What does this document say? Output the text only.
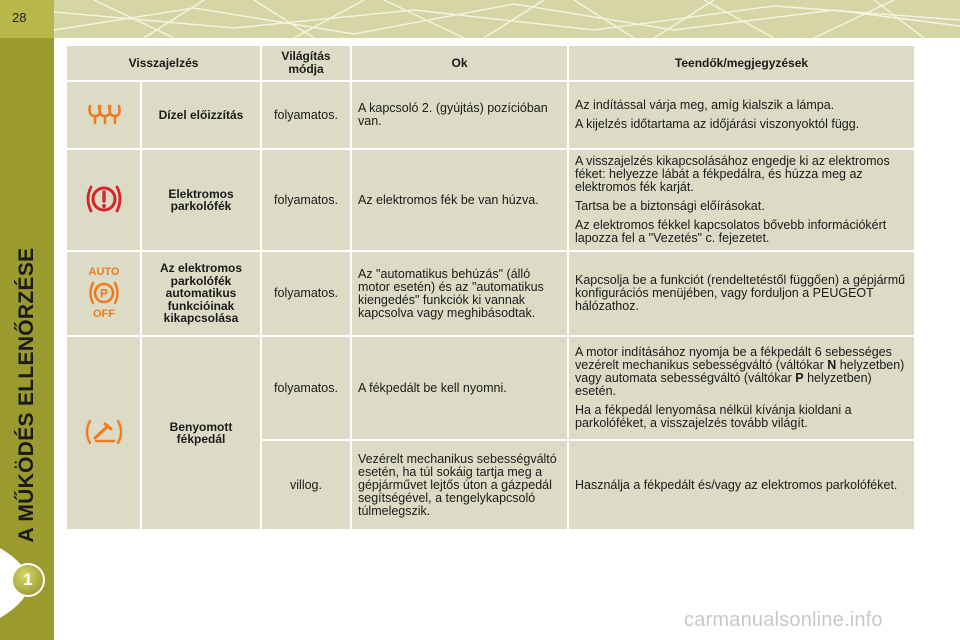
28
A MŰKÖDÉS ELLENŐRZÉSE
1
Visszajelzés		Világítás módja	Ok	Teendők/megjegyzések
	Dízel előizzítás	folyamatos.	A kapcsoló 2. (gyújtás) pozícióban van.	Az indítással várja meg, amíg kialszik a lámpa.

A kijelzés időtartama az időjárási viszonyoktól függ.

	Elektromos parkolófék	folyamatos.	Az elektromos fék be van húzva.	A visszajelzés kikapcsolásához engedje ki az elektromos féket: helyezze lábát a fékpedálra, és húzza meg az elektromos fék karját.

Tartsa be a biztonsági előírásokat.

Az elektromos fékkel kapcsolatos bővebb információkért lapozza fel a "Vezetés" c. fejezetet.

AUTO
P
OFF	Az elektromos parkolófék automatikus funkcióinak kikapcsolása	folyamatos.	Az "automatikus behúzás" (álló motor esetén) és az "automatikus kiengedés" funkciók ki vannak kapcsolva vagy meghibásodtak.	Kapcsolja be a funkciót (rendeltetéstől függően) a gépjármű konfigurációs menüjében, vagy forduljon a PEUGEOT hálózathoz.

	Benyomott fékpedál	folyamatos.	A fékpedált be kell nyomni.	A motor indításához nyomja be a fékpedált 6 sebességes vezérelt mechanikus sebességváltó (váltókar N helyzetben) vagy automata sebességváltó (váltókar P helyzetben) esetén.

Ha a fékpedál lenyomása nélkül kívánja kioldani a parkolóféket, a visszajelzés tovább világít.

		villog.	Vezérelt mechanikus sebességváltó esetén, ha túl sokáig tartja meg a gépjárművet lejtős úton a gázpedál segítségével, a tengelykapcsoló túlmelegszik.	Használja a fékpedált és/vagy az elektromos parkolóféket.

carmanualsonline.info
